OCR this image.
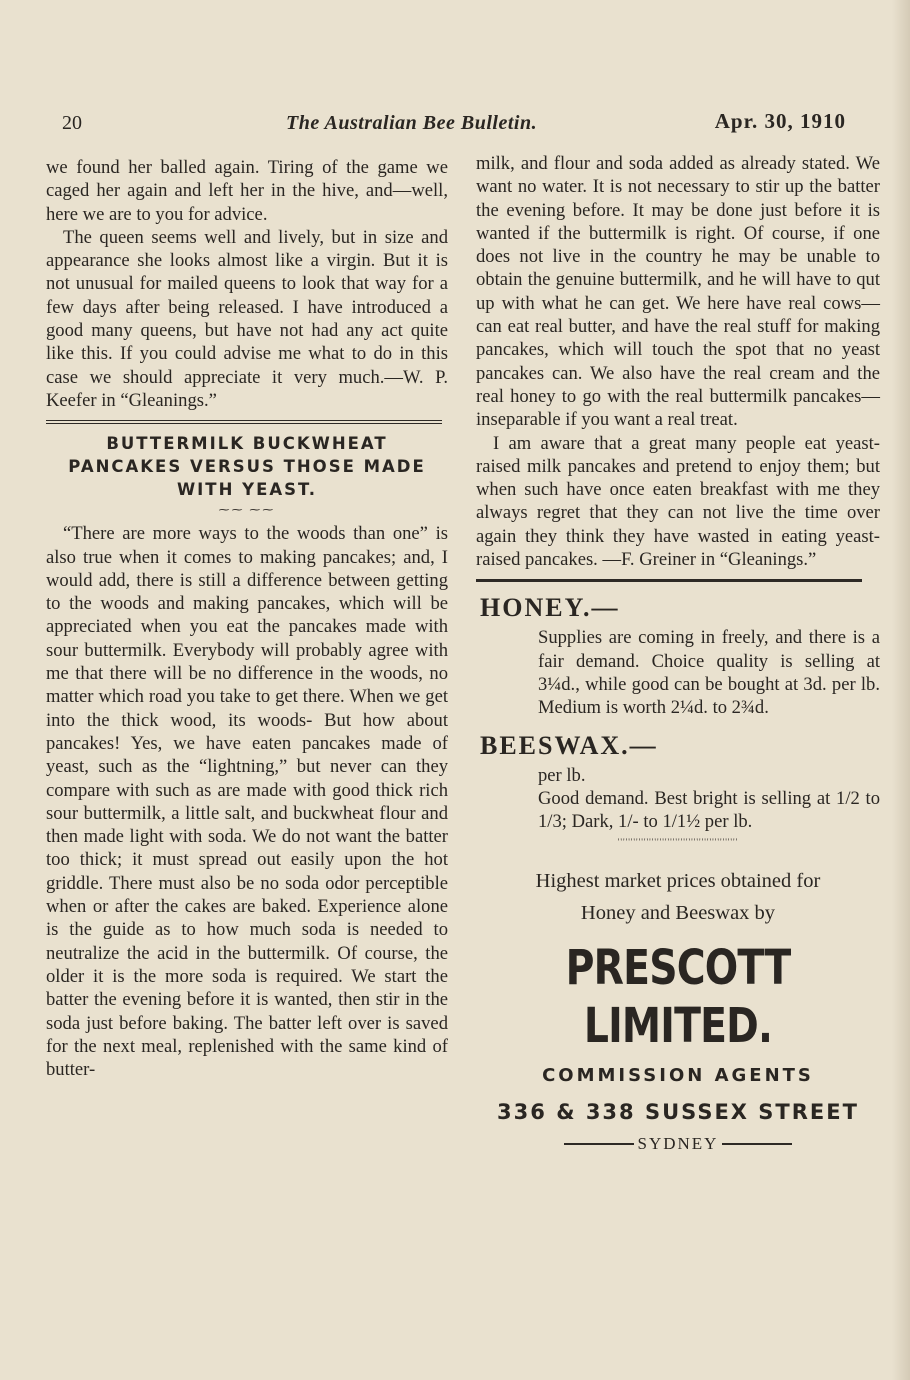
20	The Australian Bee Bulletin.	Apr. 30, 1910

we found her balled again. Tiring of the game we caged her again and left her in the hive, and—well, here we are to you for advice.

The queen seems well and lively, but in size and appearance she looks almost like a virgin. But it is not unusual for mailed queens to look that way for a few days after being released. I have introduced a good many queens, but have not had any act quite like this. If you could advise me what to do in this case we should appreciate it very much.—W. P. Keefer in “Gleanings.”

BUTTERMILK BUCKWHEAT PANCAKES VERSUS THOSE MADE WITH YEAST.

⁓⁓ ⁓⁓

“There are more ways to the woods than one” is also true when it comes to making pancakes; and, I would add, there is still a difference between getting to the woods and making pancakes, which will be appreciated when you eat the pancakes made with sour buttermilk. Everybody will probably agree with me that there will be no difference in the woods, no matter which road you take to get there. When we get into the thick wood, its woods- But how about pancakes! Yes, we have eaten pancakes made of yeast, such as the “lightning,” but never can they compare with such as are made with good thick rich sour buttermilk, a little salt, and buckwheat flour and then made light with soda. We do not want the batter too thick; it must spread out easily upon the hot griddle. There must also be no soda odor perceptible when or after the cakes are baked. Experience alone is the guide as to how much soda is needed to neutralize the acid in the buttermilk. Of course, the older it is the more soda is required. We start the batter the evening before it is wanted, then stir in the soda just before baking. The batter left over is saved for the next meal, replenished with the same kind of butter-

milk, and flour and soda added as already stated. We want no water. It is not necessary to stir up the batter the evening before. It may be done just before it is wanted if the buttermilk is right. Of course, if one does not live in the country he may be unable to obtain the genuine buttermilk, and he will have to qut up with what he can get. We here have real cows—can eat real butter, and have the real stuff for making pancakes, which will touch the spot that no yeast pancakes can. We also have the real cream and the real honey to go with the real buttermilk pancakes—inseparable if you want a real treat.

I am aware that a great many people eat yeast-raised milk pancakes and pretend to enjoy them; but when such have once eaten breakfast with me they always regret that they can not live the time over again they think they have wasted in eating yeast-raised pancakes. —F. Greiner in “Gleanings.”

HONEY.—

Supplies are coming in freely, and there is a fair demand. Choice quality is selling at 3¼d., while good can be bought at 3d. per lb. Medium is worth 2¼d. to 2¾d.

BEESWAX.—

per lb.

Good demand. Best bright is selling at 1/2 to 1/3; Dark, 1/- to 1/1½ per lb.

''''''''''''''''''''''''''''''''''''''''''''''

Highest market prices obtained for

Honey and Beeswax by

PRESCOTT LIMITED.

COMMISSION AGENTS

336 & 338 SUSSEX STREET

SYDNEY
